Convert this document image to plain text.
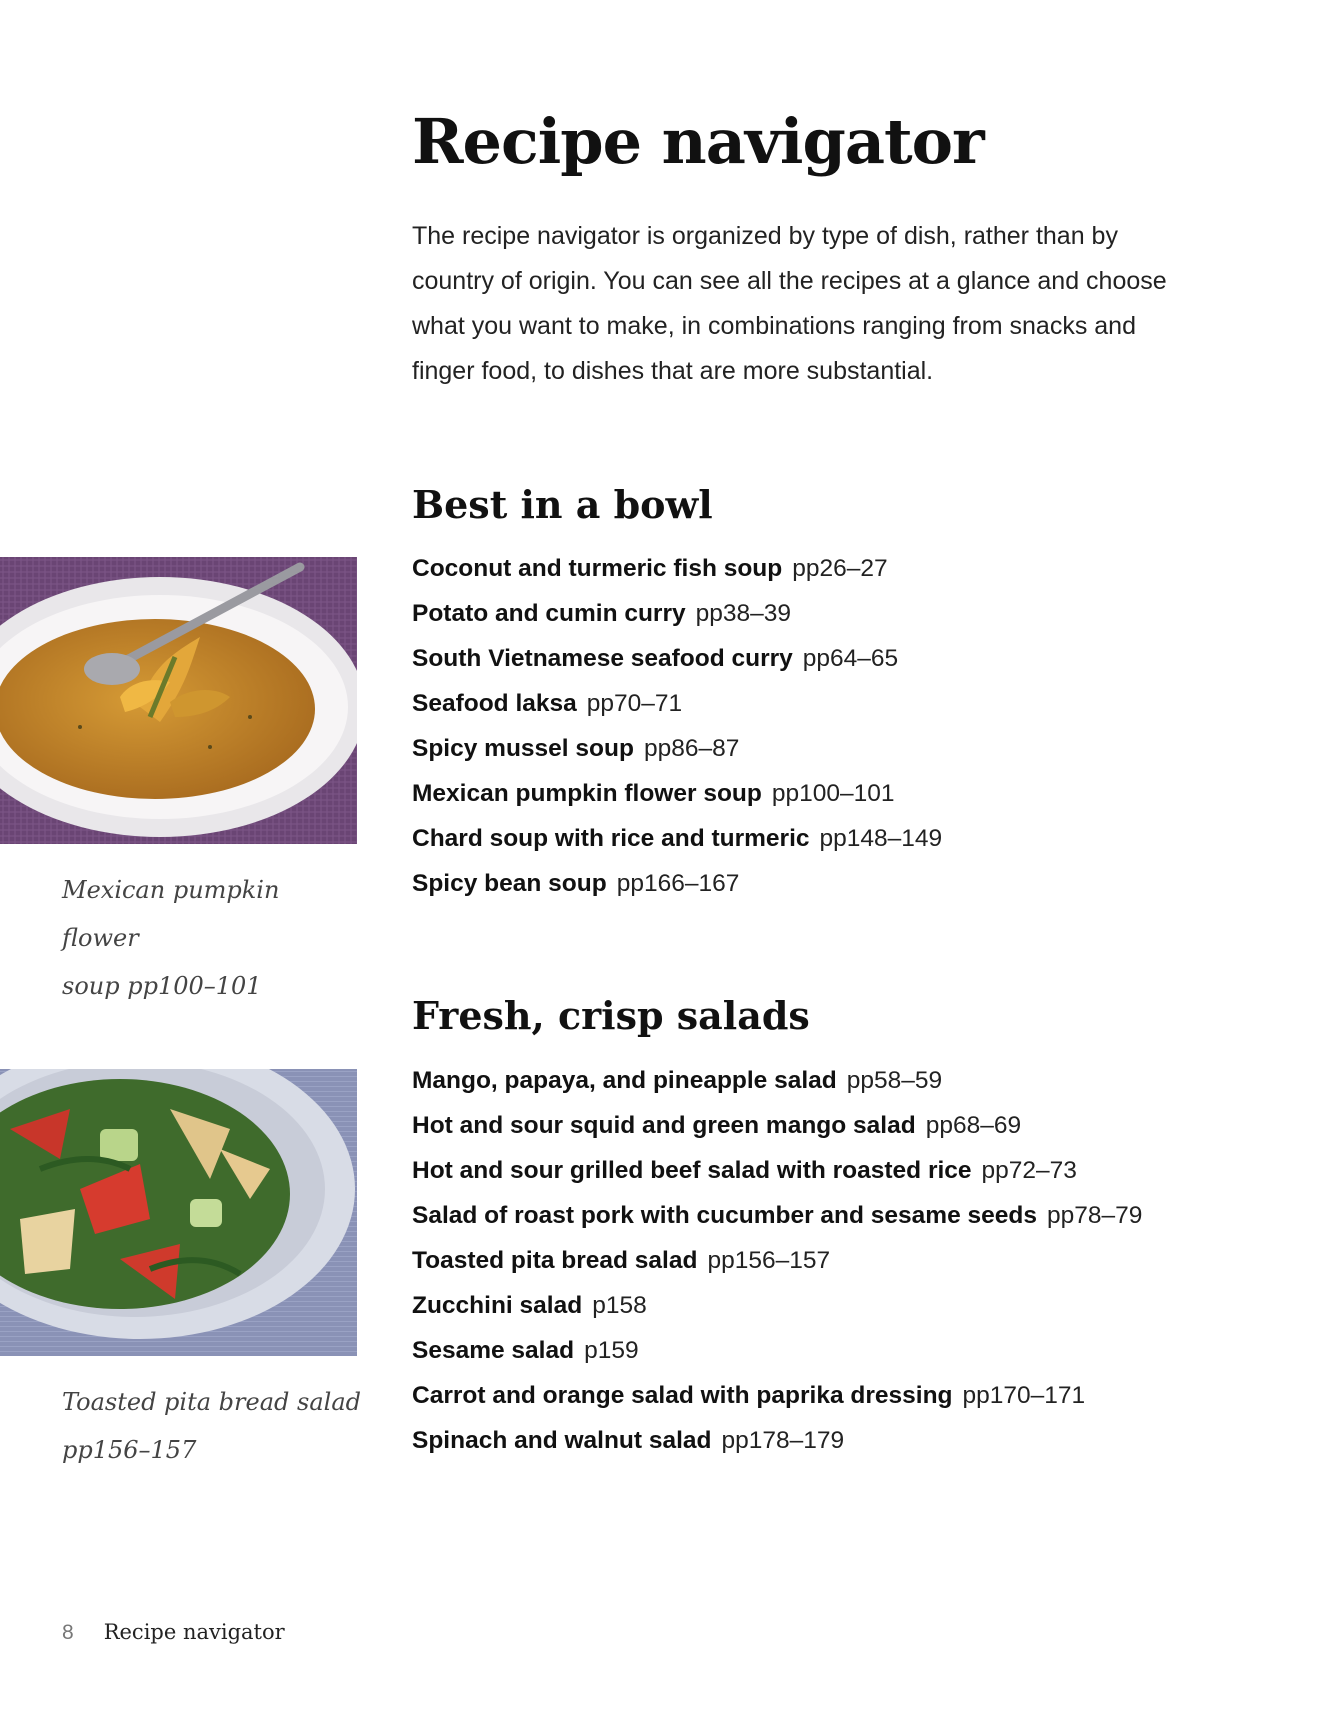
Recipe navigator

The recipe navigator is organized by type of dish, rather than by country of origin. You can see all the recipes at a glance and choose what you want to make, in combinations ranging from snacks and finger food, to dishes that are more substantial.

Best in a bowl

Mexican pumpkin flower
soup pp100–101

Coconut and turmeric fish soup pp26–27
Potato and cumin curry pp38–39
South Vietnamese seafood curry pp64–65
Seafood laksa pp70–71
Spicy mussel soup pp86–87
Mexican pumpkin flower soup pp100–101
Chard soup with rice and turmeric pp148–149
Spicy bean soup pp166–167
Fresh, crisp salads

Toasted pita bread salad
pp156–157

Mango, papaya, and pineapple salad pp58–59
Hot and sour squid and green mango salad pp68–69
Hot and sour grilled beef salad with roasted rice pp72–73
Salad of roast pork with cucumber and sesame seeds pp78–79
Toasted pita bread salad pp156–157
Zucchini salad p158
Sesame salad p159
Carrot and orange salad with paprika dressing pp170–171
Spinach and walnut salad pp178–179
8 Recipe navigator
